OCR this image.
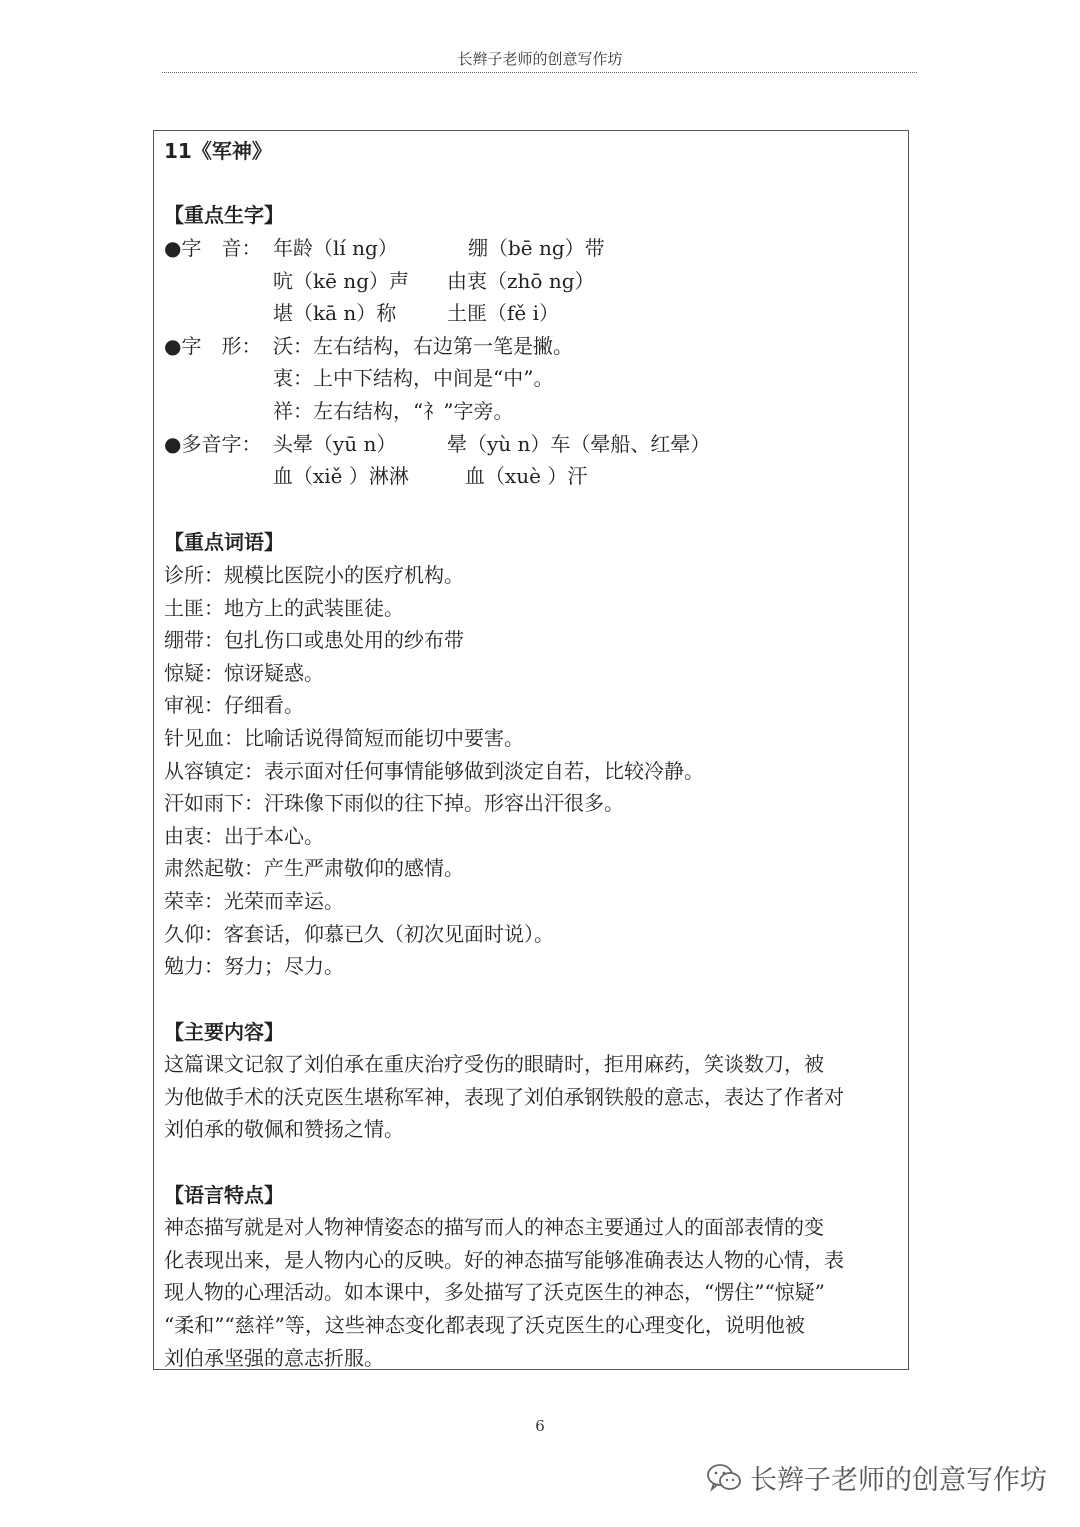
长辫子老师的创意写作坊
11《军神》
【重点生字】
●字　音： 年龄（lí ng）	绷（bē ng）带
吭（kē ng）声 由衷（zhō ng）
堪（kā n）称	土匪（fě i）
●字　形： 沃：左右结构，右边第一笔是撇。
衷：上中下结构，中间是“中”。
祥：左右结构，“礻”字旁。
●多音字： 头晕（yū n）	晕（yù n）车（晕船、红晕）
血（xiě ）淋淋	血（xuè ）汗
【重点词语】
诊所：规模比医院小的医疗机构。
土匪：地方上的武装匪徒。
绷带：包扎伤口或患处用的纱布带
惊疑：惊讶疑惑。
审视：仔细看。
针见血：比喻话说得简短而能切中要害。
从容镇定：表示面对任何事情能够做到淡定自若，比较冷静。
汗如雨下：汗珠像下雨似的往下掉。形容出汗很多。
由衷：出于本心。
肃然起敬：产生严肃敬仰的感情。
荣幸：光荣而幸运。
久仰：客套话，仰慕已久（初次见面时说）。
勉力：努力；尽力。
【主要内容】
这篇课文记叙了刘伯承在重庆治疗受伤的眼睛时，拒用麻药，笑谈数刀，被
为他做手术的沃克医生堪称军神，表现了刘伯承钢铁般的意志，表达了作者对
刘伯承的敬佩和赞扬之情。
【语言特点】
神态描写就是对人物神情姿态的描写而人的神态主要通过人的面部表情的变
化表现出来，是人物内心的反映。好的神态描写能够准确表达人物的心情，表
现人物的心理活动。如本课中，多处描写了沃克医生的神态，“愣住”“惊疑”
“柔和”“慈祥”等，这些神态变化都表现了沃克医生的心理变化，说明他被
刘伯承坚强的意志折服。
6
长辫子老师的创意写作坊
